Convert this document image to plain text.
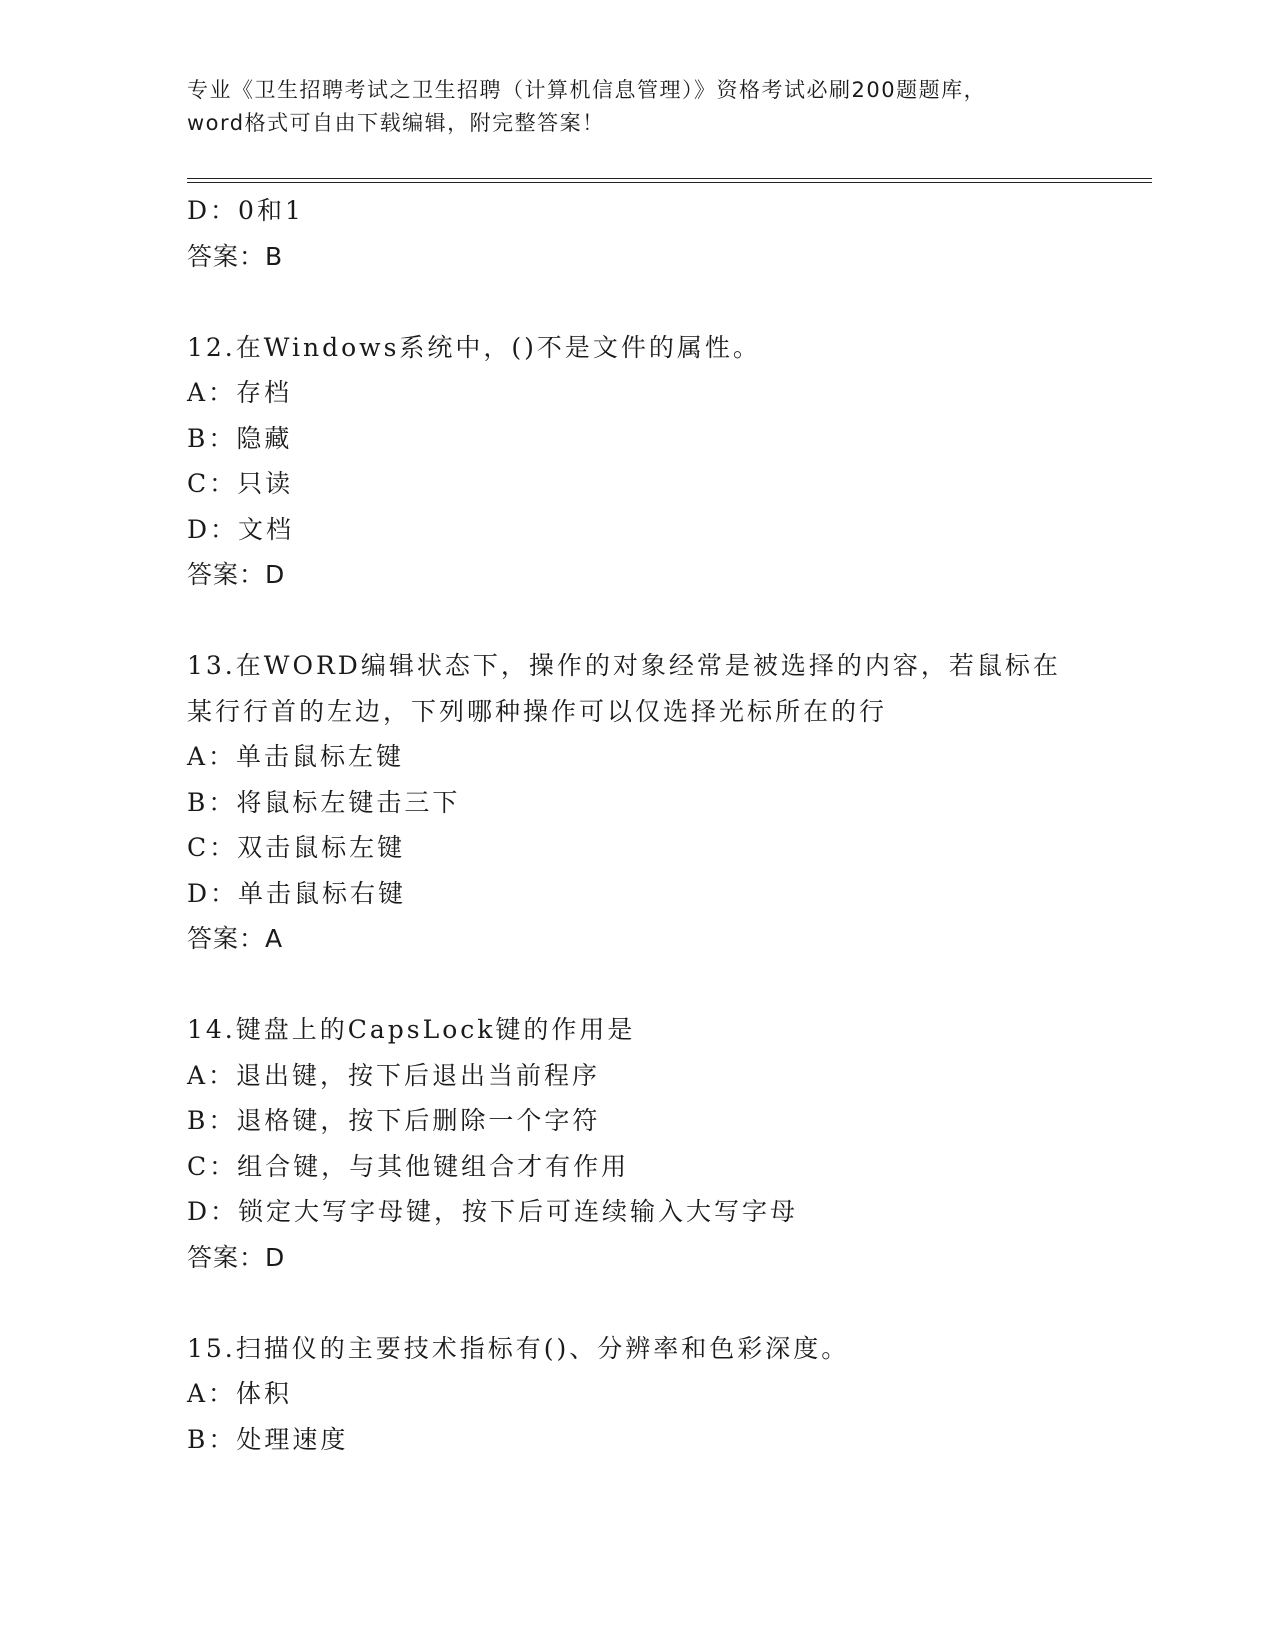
专业《卫生招聘考试之卫生招聘（计算机信息管理）》资格考试必刷200题题库，
word格式可自由下载编辑，附完整答案！
D：0和1
答案：B
12.在Windows系统中，()不是文件的属性。
A：存档
B：隐藏
C：只读
D：文档
答案：D
13.在WORD编辑状态下，操作的对象经常是被选择的内容，若鼠标在
某行行首的左边，下列哪种操作可以仅选择光标所在的行
A：单击鼠标左键
B：将鼠标左键击三下
C：双击鼠标左键
D：单击鼠标右键
答案：A
14.键盘上的CapsLock键的作用是
A：退出键，按下后退出当前程序
B：退格键，按下后删除一个字符
C：组合键，与其他键组合才有作用
D：锁定大写字母键，按下后可连续输入大写字母
答案：D
15.扫描仪的主要技术指标有()、分辨率和色彩深度。
A：体积
B：处理速度
